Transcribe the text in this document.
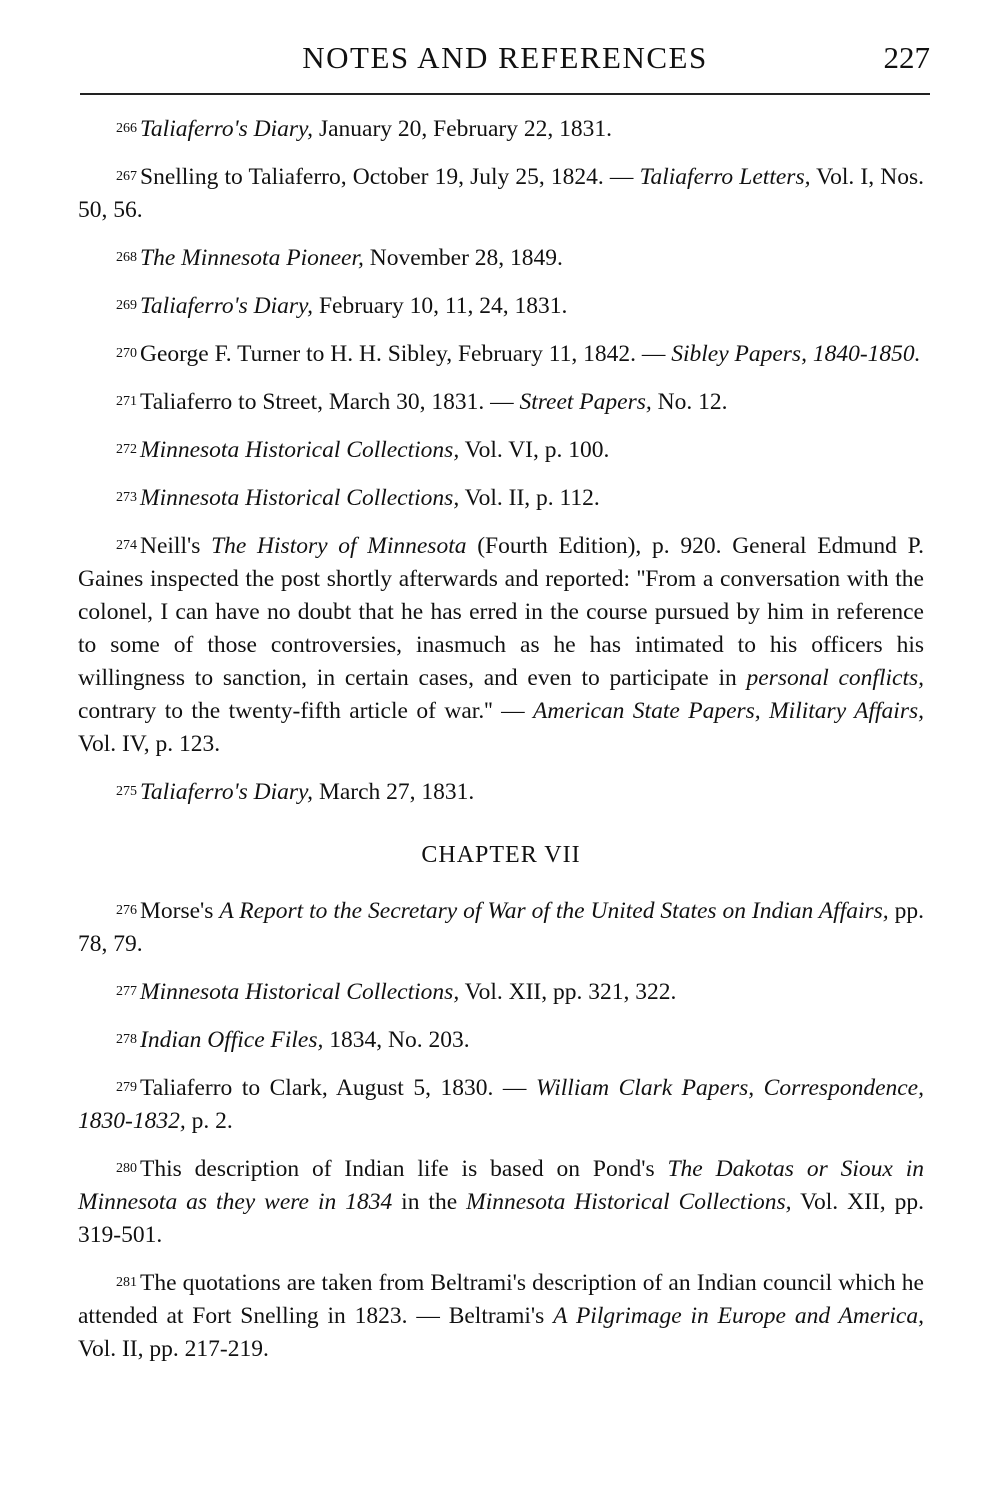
NOTES AND REFERENCES	227

266 Taliaferro's Diary, January 20, February 22, 1831.

267 Snelling to Taliaferro, October 19, July 25, 1824. — Taliaferro Letters, Vol. I, Nos. 50, 56.

268 The Minnesota Pioneer, November 28, 1849.

269 Taliaferro's Diary, February 10, 11, 24, 1831.

270 George F. Turner to H. H. Sibley, February 11, 1842. — Sibley Papers, 1840-1850.

271 Taliaferro to Street, March 30, 1831. — Street Papers, No. 12.

272 Minnesota Historical Collections, Vol. VI, p. 100.

273 Minnesota Historical Collections, Vol. II, p. 112.

274 Neill's The History of Minnesota (Fourth Edition), p. 920. General Edmund P. Gaines inspected the post shortly afterwards and reported: ''From a conversation with the colonel, I can have no doubt that he has erred in the course pursued by him in reference to some of those controversies, inasmuch as he has intimated to his officers his willingness to sanction, in certain cases, and even to participate in personal conflicts, contrary to the twenty-fifth article of war.'' — American State Papers, Military Affairs, Vol. IV, p. 123.

275 Taliaferro's Diary, March 27, 1831.

CHAPTER VII

276 Morse's A Report to the Secretary of War of the United States on Indian Affairs, pp. 78, 79.

277 Minnesota Historical Collections, Vol. XII, pp. 321, 322.

278 Indian Office Files, 1834, No. 203.

279 Taliaferro to Clark, August 5, 1830. — William Clark Papers, Correspondence, 1830-1832, p. 2.

280 This description of Indian life is based on Pond's The Dakotas or Sioux in Minnesota as they were in 1834 in the Minnesota Historical Collections, Vol. XII, pp. 319-501.

281 The quotations are taken from Beltrami's description of an Indian council which he attended at Fort Snelling in 1823. — Beltrami's A Pilgrimage in Europe and America, Vol. II, pp. 217-219.
